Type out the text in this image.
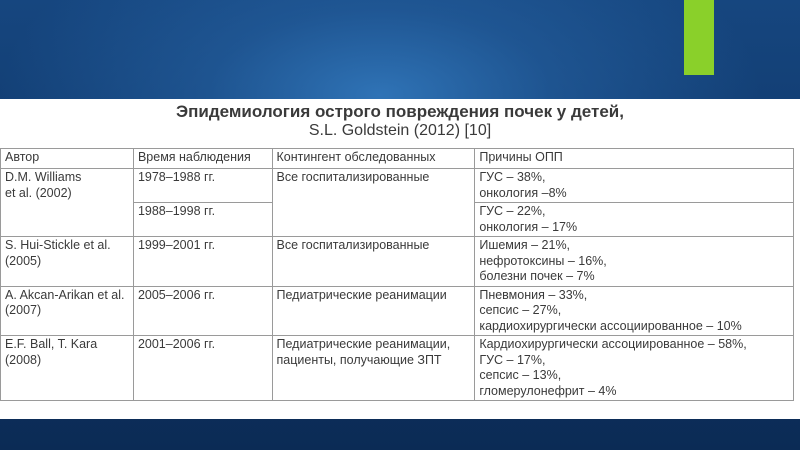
Эпидемиология острого повреждения почек у детей,
S.L. Goldstein (2012) [10]
Автор	Время наблюдения	Контингент обследованных	Причины ОПП

D.M. Williams
et al. (2002)	1978–1988 гг.	Все госпитализированные	ГУС – 38%,
онкология –8%

	1988–1998 гг.		ГУС – 22%,
онкология – 17%

S. Hui-Stickle et al.
(2005)	1999–2001 гг.	Все госпитализированные	Ишемия – 21%,
нефротоксины – 16%,
болезни почек – 7%

A. Akcan-Arikan et al.
(2007)	2005–2006 гг.	Педиатрические реанимации	Пневмония – 33%,
сепсис – 27%,
кардиохирургически ассоциированное – 10%

E.F. Ball, T. Kara
(2008)	2001–2006 гг.	Педиатрические реанимации,
пациенты, получающие ЗПТ	Кардиохирургически ассоциированное – 58%,
ГУС – 17%,
сепсис – 13%,
гломерулонефрит – 4%
